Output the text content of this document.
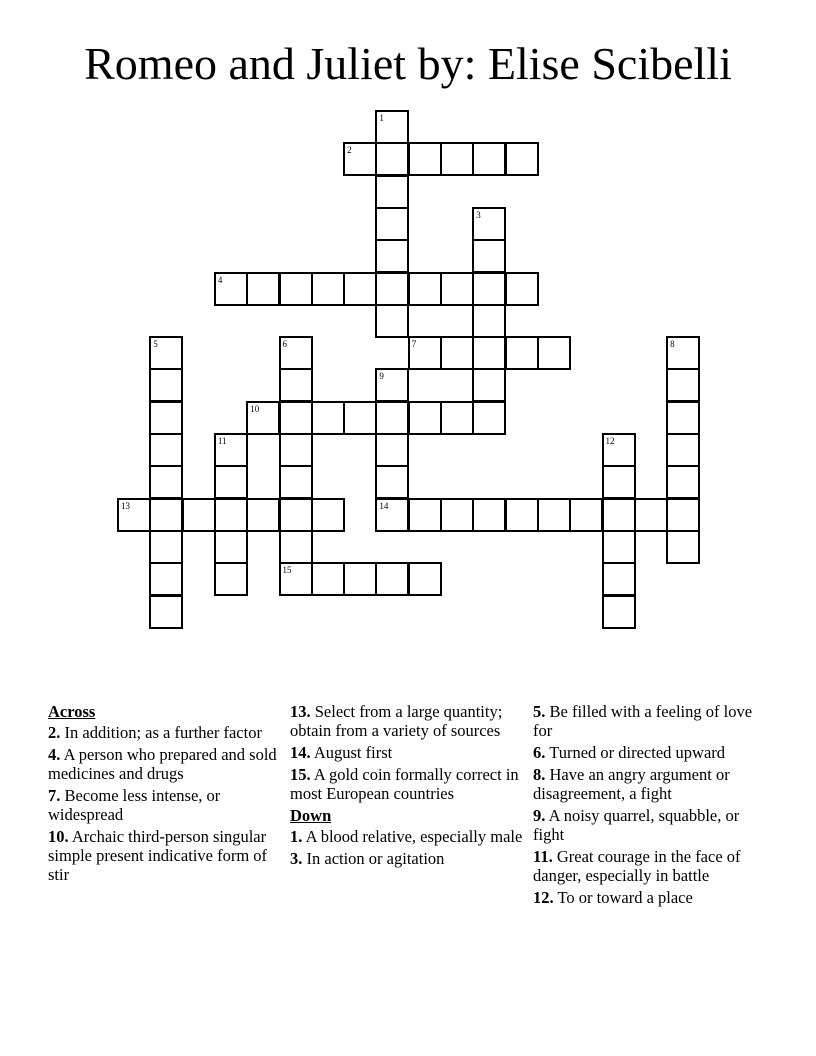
Romeo and Juliet by: Elise Scibelli
1
2
3
4
5	6	7	8
9
10
11	12
13	14
15
Across
2. In addition; as a further factor
4. A person who prepared and sold medicines and drugs
7. Become less intense, or widespread
10. Archaic third-person singular simple present indicative form of stir
13. Select from a large quantity; obtain from a variety of sources
14. August first
15. A gold coin formally correct in most European countries
Down
1. A blood relative, especially male
3. In action or agitation
5. Be filled with a feeling of love for
6. Turned or directed upward
8. Have an angry argument or disagreement, a fight
9. A noisy quarrel, squabble, or fight
11. Great courage in the face of danger, especially in battle
12. To or toward a place
